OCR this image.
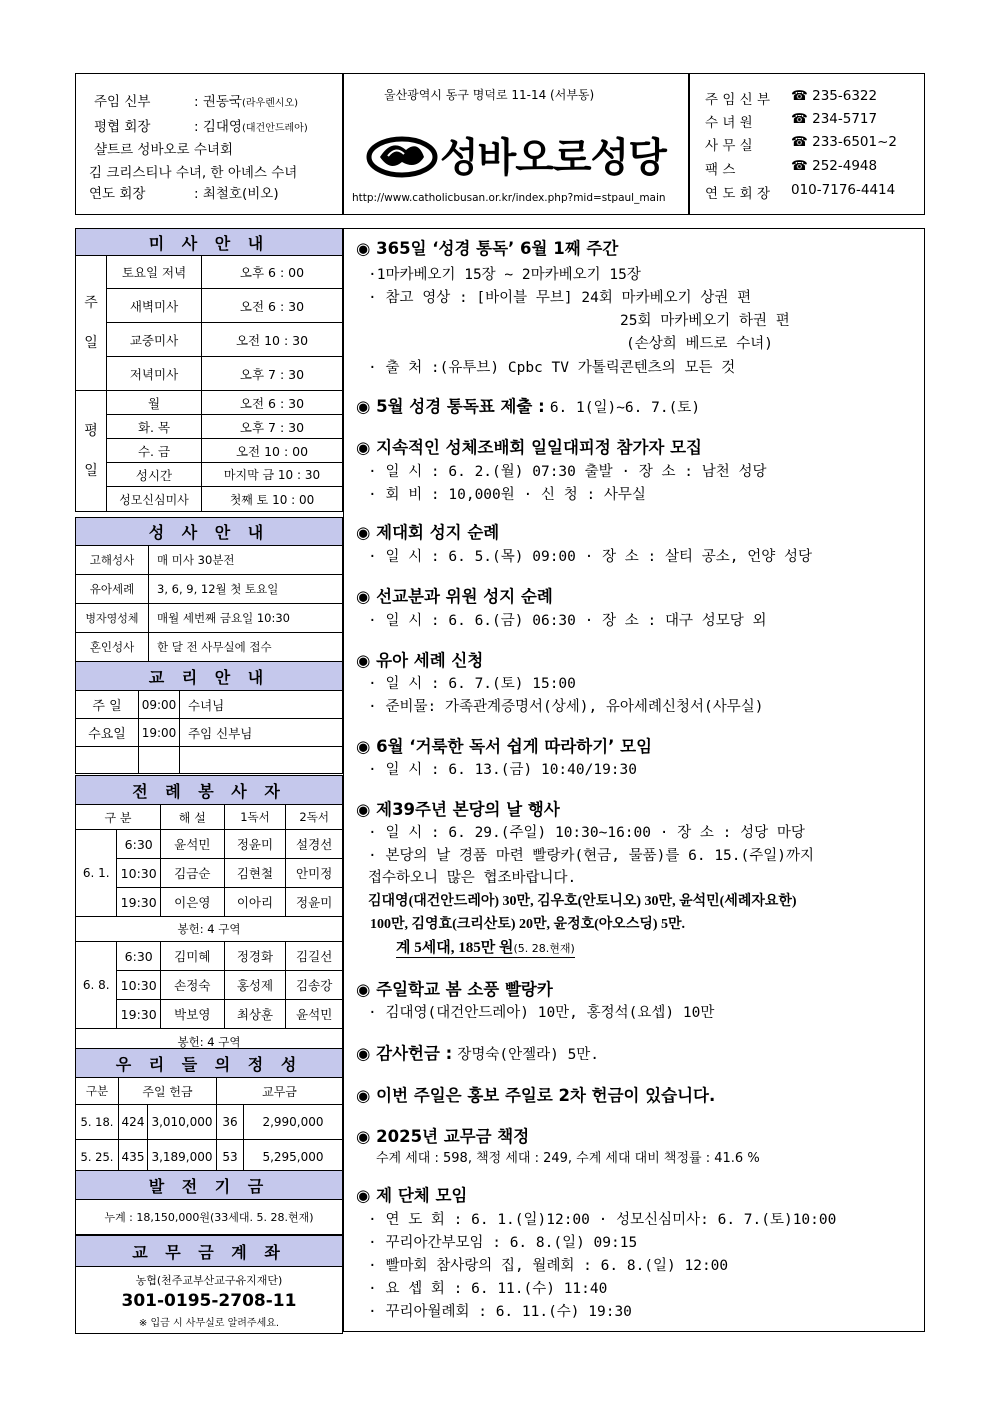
주임 신부	: 권동국(라우렌시오)
평협 회장	: 김대영(대건안드레아)
샬트르 성바오로 수녀회
김 크리스티나 수녀, 한 아녜스 수녀
연도 회장	: 최철호(비오)
울산광역시 동구 명덕로 11-14 (서부동)
성바오로성당
http://www.catholicbusan.or.kr/index.php?mid=stpaul_main
주 임 신 부 ☎ 235-6322
수 녀 원	☎ 234-5717
사 무 실	☎ 233-6501~2
팩 스	☎ 252-4948
연 도 회 장 010-7176-4414
미 사 안 내		
주
일	토요일 저녁	오후 6 : 00
	새벽미사	오전 6 : 30
	교중미사	오전 10 : 30
	저녁미사	오후 7 : 30
평
일	월	오전 6 : 30
	화. 목	오후 7 : 30
	수. 금	오전 10 : 00
	성시간	마지막 금 10 : 30
	성모신심미사	첫째 토 10 : 00
성 사 안 내	
고해성사	매 미사 30분전
유아세례	3, 6, 9, 12월 첫 토요일
병자영성체	매월 세번째 금요일 10:30
혼인성사	한 달 전 사무실에 접수
교 리 안 내		
주 일	09:00	수녀님
수요일	19:00	주임 신부님

전 례 봉 사 자				
구 분		해 설	1독서	2독서
6. 1.	6:30	윤석민	정윤미	설경선
	10:30	김금순	김현철	안미정
	19:30	이은영	이아리	정윤미
봉헌: 4 구역				
6. 8.	6:30	김미혜	정경화	김길선
	10:30	손정숙	홍성제	김송강
	19:30	박보영	최상훈	윤석민
봉헌: 4 구역				
우 리 들 의 정 성				
구분	주일 헌금		교무금	
5. 18.	424	3,010,000	36	2,990,000
5. 25.	435	3,189,000	53	5,295,000
발 전 기 금
누계 : 18,150,000원(33세대. 5. 28.현재)
교 무 금 계 좌

농협(천주교부산교구유지재단)
301-0195-2708-11
※ 입금 시 사무실로 알려주세요.
◉ 365일 ‘성경 통독’ 6월 1째 주간
·1마카베오기 15장 ~ 2마카베오기 15장
· 참고 영상 : [바이블 무브] 24회 마카베오기 상권 편
25회 마카베오기 하권 편
(손상희 베드로 수녀)
· 출 처 :(유투브) Cpbc TV 가톨릭콘텐츠의 모든 것
◉ 5월 성경 통독표 제출 : 6. 1(일)~6. 7.(토)
◉ 지속적인 성체조배회 일일대피정 참가자 모집
· 일 시 : 6. 2.(월) 07:30 출발 · 장 소 : 남천 성당
· 회 비 : 10,000원 · 신 청 : 사무실
◉ 제대회 성지 순례
· 일 시 : 6. 5.(목) 09:00 · 장 소 : 살티 공소, 언양 성당
◉ 선교분과 위원 성지 순례
· 일 시 : 6. 6.(금) 06:30 · 장 소 : 대구 성모당 외
◉ 유아 세례 신청
· 일 시 : 6. 7.(토) 15:00
· 준비물: 가족관계증명서(상세), 유아세례신청서(사무실)
◉ 6월 ‘거룩한 독서 쉽게 따라하기’ 모임
· 일 시 : 6. 13.(금) 10:40/19:30
◉ 제39주년 본당의 날 행사
· 일 시 : 6. 29.(주일) 10:30~16:00 · 장 소 : 성당 마당
· 본당의 날 경품 마련 빨랑카(현금, 물품)를 6. 15.(주일)까지
접수하오니 많은 협조바랍니다.
김대영(대건안드레아) 30만, 김우호(안토니오) 30만, 윤석민(세례자요한)
100만, 김영효(크리산토) 20만, 윤정호(아오스딩) 5만.
계 5세대, 185만 원(5. 28.현재)
◉ 주일학교 봄 소풍 빨랑카
· 김대영(대건안드레아) 10만, 홍정석(요셉) 10만
◉ 감사헌금 : 장명숙(안젤라) 5만.
◉ 이번 주일은 홍보 주일로 2차 헌금이 있습니다.
◉ 2025년 교무금 책정
수계 세대 : 598, 책정 세대 : 249, 수계 세대 대비 책정률 : 41.6 %
◉ 제 단체 모임
· 연 도 회 : 6. 1.(일)12:00 · 성모신심미사: 6. 7.(토)10:00
· 꾸리아간부모임 : 6. 8.(일) 09:15
· 빨마회 참사랑의 집, 월례회 : 6. 8.(일) 12:00
· 요 셉 회 : 6. 11.(수) 11:40
· 꾸리아월례회 : 6. 11.(수) 19:30
